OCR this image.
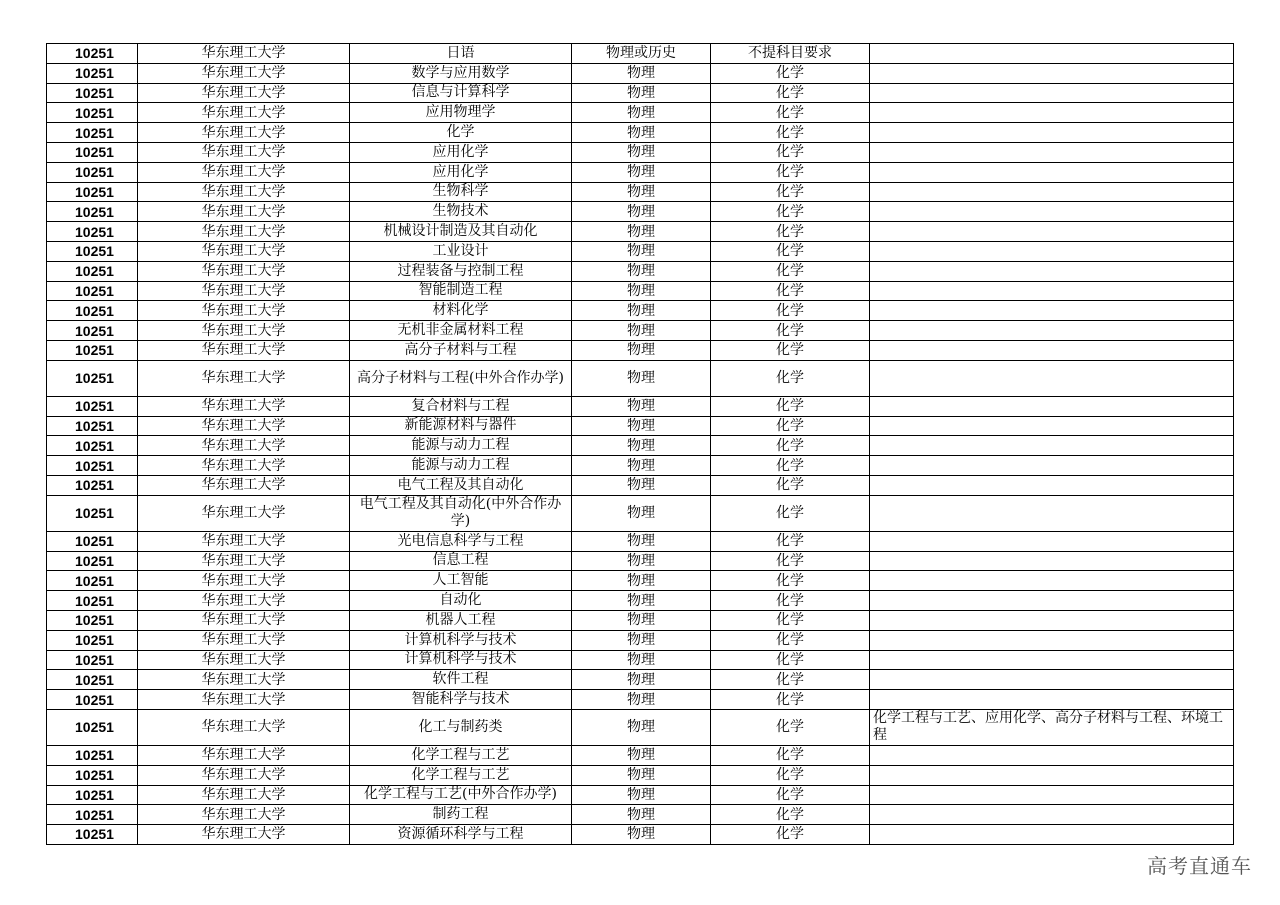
10251	华东理工大学	日语	物理或历史	不提科目要求	
10251	华东理工大学	数学与应用数学	物理	化学	
10251	华东理工大学	信息与计算科学	物理	化学	
10251	华东理工大学	应用物理学	物理	化学	
10251	华东理工大学	化学	物理	化学	
10251	华东理工大学	应用化学	物理	化学	
10251	华东理工大学	应用化学	物理	化学	
10251	华东理工大学	生物科学	物理	化学	
10251	华东理工大学	生物技术	物理	化学	
10251	华东理工大学	机械设计制造及其自动化	物理	化学	
10251	华东理工大学	工业设计	物理	化学	
10251	华东理工大学	过程装备与控制工程	物理	化学	
10251	华东理工大学	智能制造工程	物理	化学	
10251	华东理工大学	材料化学	物理	化学	
10251	华东理工大学	无机非金属材料工程	物理	化学	
10251	华东理工大学	高分子材料与工程	物理	化学	
10251	华东理工大学	高分子材料与工程(中外合作办学)	物理	化学	
10251	华东理工大学	复合材料与工程	物理	化学	
10251	华东理工大学	新能源材料与器件	物理	化学	
10251	华东理工大学	能源与动力工程	物理	化学	
10251	华东理工大学	能源与动力工程	物理	化学	
10251	华东理工大学	电气工程及其自动化	物理	化学	
10251	华东理工大学	电气工程及其自动化(中外合作办学)	物理	化学	
10251	华东理工大学	光电信息科学与工程	物理	化学	
10251	华东理工大学	信息工程	物理	化学	
10251	华东理工大学	人工智能	物理	化学	
10251	华东理工大学	自动化	物理	化学	
10251	华东理工大学	机器人工程	物理	化学	
10251	华东理工大学	计算机科学与技术	物理	化学	
10251	华东理工大学	计算机科学与技术	物理	化学	
10251	华东理工大学	软件工程	物理	化学	
10251	华东理工大学	智能科学与技术	物理	化学	
10251	华东理工大学	化工与制药类	物理	化学	化学工程与工艺、应用化学、高分子材料与工程、环境工程
10251	华东理工大学	化学工程与工艺	物理	化学	
10251	华东理工大学	化学工程与工艺	物理	化学	
10251	华东理工大学	化学工程与工艺(中外合作办学)	物理	化学	
10251	华东理工大学	制药工程	物理	化学	
10251	华东理工大学	资源循环科学与工程	物理	化学	
高考直通车
